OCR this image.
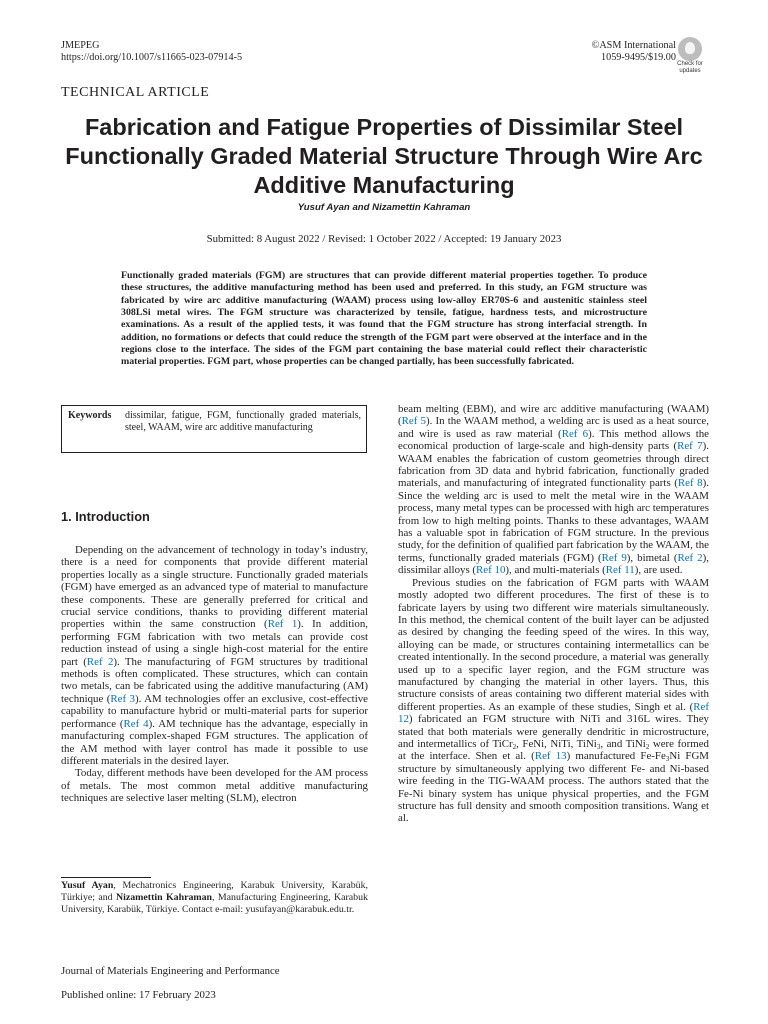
JMEPEG
https://doi.org/10.1007/s11665-023-07914-5
©ASM International
1059-9495/$19.00
Check for
updates
TECHNICAL ARTICLE
Fabrication and Fatigue Properties of Dissimilar Steel Functionally Graded Material Structure Through Wire Arc Additive Manufacturing
Yusuf Ayan and Nizamettin Kahraman
Submitted: 8 August 2022 / Revised: 1 October 2022 / Accepted: 19 January 2023
Functionally graded materials (FGM) are structures that can provide different material properties together. To produce these structures, the additive manufacturing method has been used and preferred. In this study, an FGM structure was fabricated by wire arc additive manufacturing (WAAM) process using low-alloy ER70S-6 and austenitic stainless steel 308LSi metal wires. The FGM structure was characterized by tensile, fatigue, hardness tests, and microstructure examinations. As a result of the applied tests, it was found that the FGM structure has strong interfacial strength. In addition, no formations or defects that could reduce the strength of the FGM part were observed at the interface and in the regions close to the interface. The sides of the FGM part containing the base material could reflect their characteristic material properties. FGM part, whose properties can be changed partially, has been successfully fabricated.
Keywords dissimilar, fatigue, FGM, functionally graded materials, steel, WAAM, wire arc additive manufacturing
1. Introduction

Depending on the advancement of technology in today’s industry, there is a need for components that provide different material properties locally as a single structure. Functionally graded materials (FGM) have emerged as an advanced type of material to manufacture these components. These are generally preferred for critical and crucial service conditions, thanks to providing different material properties within the same construction (Ref 1). In addition, performing FGM fabrication with two metals can provide cost reduction instead of using a single high-cost material for the entire part (Ref 2). The manufacturing of FGM structures by traditional methods is often complicated. These structures, which can contain two metals, can be fabricated using the additive manufacturing (AM) technique (Ref 3). AM technologies offer an exclusive, cost-effective capability to manufacture hybrid or multi-material parts for superior performance (Ref 4). AM technique has the advantage, especially in manufacturing complex-shaped FGM structures. The application of the AM method with layer control has made it possible to use different materials in the desired layer.

Today, different methods have been developed for the AM process of metals. The most common metal additive manufacturing techniques are selective laser melting (SLM), electron

beam melting (EBM), and wire arc additive manufacturing (WAAM) (Ref 5). In the WAAM method, a welding arc is used as a heat source, and wire is used as raw material (Ref 6). This method allows the economical production of large-scale and high-density parts (Ref 7). WAAM enables the fabrication of custom geometries through direct fabrication from 3D data and hybrid fabrication, functionally graded materials, and manufacturing of integrated functionality parts (Ref 8). Since the welding arc is used to melt the metal wire in the WAAM process, many metal types can be processed with high arc temperatures from low to high melting points. Thanks to these advantages, WAAM has a valuable spot in fabrication of FGM structure. In the previous study, for the definition of qualified part fabrication by the WAAM, the terms, functionally graded materials (FGM) (Ref 9), bimetal (Ref 2), dissimilar alloys (Ref 10), and multi-materials (Ref 11), are used.

Previous studies on the fabrication of FGM parts with WAAM mostly adopted two different procedures. The first of these is to fabricate layers by using two different wire materials simultaneously. In this method, the chemical content of the built layer can be adjusted as desired by changing the feeding speed of the wires. In this way, alloying can be made, or structures containing intermetallics can be created intentionally. In the second procedure, a material was generally used up to a specific layer region, and the FGM structure was manufactured by changing the material in other layers. Thus, this structure consists of areas containing two different material sides with different properties. As an example of these studies, Singh et al. (Ref 12) fabricated an FGM structure with NiTi and 316L wires. They stated that both materials were generally dendritic in microstructure, and intermetallics of TiCr$_2$, FeNi, NiTi, TiNi$_3$, and TiNi$_2$ were formed at the interface. Shen et al. (Ref 13) manufactured $Fe-Fe_3Ni$ FGM structure by simultaneously applying two different Fe- and Ni-based wire feeding in the TIG-WAAM process. The authors stated that the Fe-Ni binary system has unique physical properties, and the FGM structure has full density and smooth composition transitions. Wang et al.

Yusuf Ayan, Mechatronics Engineering, Karabuk University, Karabük, Türkiye; and Nizamettin Kahraman, Manufacturing Engineering, Karabuk University, Karabük, Türkiye. Contact e-mail: yusufayan@karabuk.edu.tr.
Journal of Materials Engineering and Performance
Published online: 17 February 2023
